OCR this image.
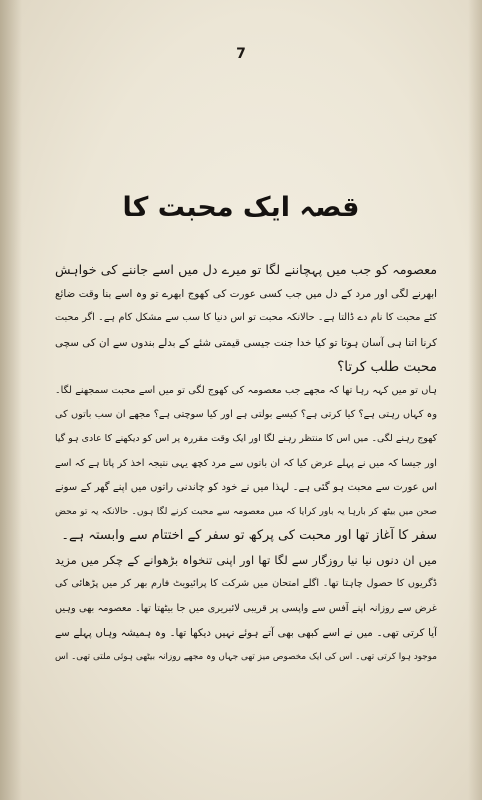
7
قصہ ایک محبت کا
معصومہ کو جب میں پہچاننے لگا تو میرے دل میں اسے جاننے کی خواہش
ابھرنے لگی اور مرد کے دل میں جب کسی عورت کی کھوج ابھرے تو وہ اسے بنا وقت ضائع
کئے محبت کا نام دے ڈالتا ہے۔ حالانکہ محبت تو اس دنیا کا سب سے مشکل کام ہے۔ اگر محبت
کرنا اتنا ہی آسان ہوتا تو کیا خدا جنت جیسی قیمتی شئے کے بدلے بندوں سے ان کی سچی
محبت طلب کرتا؟
ہاں تو میں کہہ رہا تھا کہ مجھے جب معصومہ کی کھوج لگی تو میں اسے محبت سمجھنے لگا۔
وہ کہاں رہتی ہے؟ کیا کرتی ہے؟ کیسے بولتی ہے اور کیا سوچتی ہے؟ مجھے ان سب باتوں کی
کھوج رہنے لگی۔ میں اس کا منتظر رہنے لگا اور ایک وقت مقررہ پر اس کو دیکھنے کا عادی ہو گیا
اور جیسا کہ میں نے پہلے عرض کیا کہ ان باتوں سے مرد کچھ یہی نتیجہ اخذ کر پاتا ہے کہ اسے
اس عورت سے محبت ہو گئی ہے۔ لہذا میں نے خود کو چاندنی راتوں میں اپنے گھر کے سونے
صحن میں بیٹھ کر بارہا یہ باور کرایا کہ میں معصومہ سے محبت کرنے لگا ہوں۔ حالانکہ یہ تو محض
سفر کا آغاز تھا اور محبت کی پرکھ تو سفر کے اختتام سے وابستہ ہے۔
میں ان دنوں نیا نیا روزگار سے لگا تھا اور اپنی تنخواہ بڑھوانے کے چکر میں مزید
ڈگریوں کا حصول چاہتا تھا۔ اگلے امتحان میں شرکت کا پرائیویٹ فارم بھر کر میں پڑھائی کی
غرض سے روزانہ اپنے آفس سے واپسی پر قریبی لائبریری میں جا بیٹھتا تھا۔ معصومہ بھی وہیں
آیا کرتی تھی۔ میں نے اسے کبھی بھی آتے ہوئے نہیں دیکھا تھا۔ وہ ہمیشہ وہاں پہلے سے
موجود ہوا کرتی تھی۔ اس کی ایک مخصوص میز تھی جہاں وہ مجھے روزانہ بیٹھی ہوئی ملتی تھی۔ اس
